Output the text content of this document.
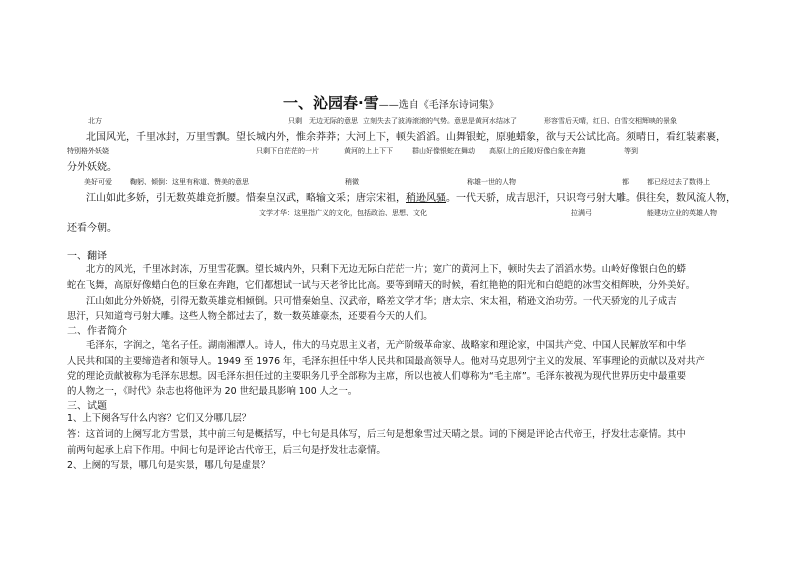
一、沁园春·雪——选自《毛泽东诗词集》
北方	只剩 无边无际的意思 立刻失去了波涛滚滚的气势。意思是黄河水结冰了	形容雪后天晴，红日、白雪交相辉映的景象
北国风光，千里冰封，万里雪飘。望长城内外，惟余莽莽；大河上下，顿失滔滔。山舞银蛇，原驰蜡象，欲与天公试比高。须晴日，看红装素裹，
特别格外妖娆	只剩下白茫茫的一片	黄河的上上下下	群山好像银蛇在舞动 高原(上的丘陵)好像白象在奔跑	等到
分外妖娆。
美好可爱	鞠躬、倾倒：这里有称道、赞美的意思	稍微	称雄一世的人物	都	都已经过去了 数得上
江山如此多娇，引无数英雄竞折腰。惜秦皇汉武，略输文采；唐宗宋祖，稍逊风骚。一代天骄，成吉思汗，只识弯弓射大雕。俱往矣，数风流人物，
文学才华：这里指广义的文化，包括政治、思想、文化	拉满弓	能建功立业的英雄人物
还看今朝。
一、翻译
北方的风光，千里冰封冻，万里雪花飘。望长城内外，只剩下无边无际白茫茫一片；宽广的黄河上下，顿时失去了滔滔水势。山岭好像银白色的蟒
蛇在飞舞，高原好像蜡白色的巨象在奔跑，它们都想试一试与天老爷比比高。要等到晴天的时候，看红艳艳的阳光和白皑皑的冰雪交相辉映，分外美好。
江山如此分外娇娆，引得无数英雄竞相倾倒。只可惜秦始皇、汉武帝，略差文学才华；唐太宗、宋太祖，稍逊文治功劳。一代天骄宠的儿子成吉
思汗，只知道弯弓射大雕。这些人物全都过去了，数一数英雄豪杰，还要看今天的人们。
二、作者简介
毛泽东，字润之，笔名子任。湖南湘潭人。诗人，伟大的马克思主义者，无产阶级革命家、战略家和理论家，中国共产党、中国人民解放军和中华
人民共和国的主要缔造者和领导人。1949 至 1976 年，毛泽东担任中华人民共和国最高领导人。他对马克思列宁主义的发展、军事理论的贡献以及对共产
党的理论贡献被称为毛泽东思想。因毛泽东担任过的主要职务几乎全部称为主席，所以也被人们尊称为“毛主席”。毛泽东被视为现代世界历史中最重要
的人物之一，《时代》杂志也将他评为 20 世纪最具影响 100 人之一。
三、试题
1、上下阕各写什么内容？它们又分哪几层？
答：这首词的上阕写北方雪景，其中前三句是概括写，中七句是具体写，后三句是想象雪过天晴之景。词的下阕是评论古代帝王，抒发壮志豪情。其中
前两句起承上启下作用。中间七句是评论古代帝王，后三句是抒发壮志豪情。
2、上阕的写景，哪几句是实景，哪几句是虚景？
